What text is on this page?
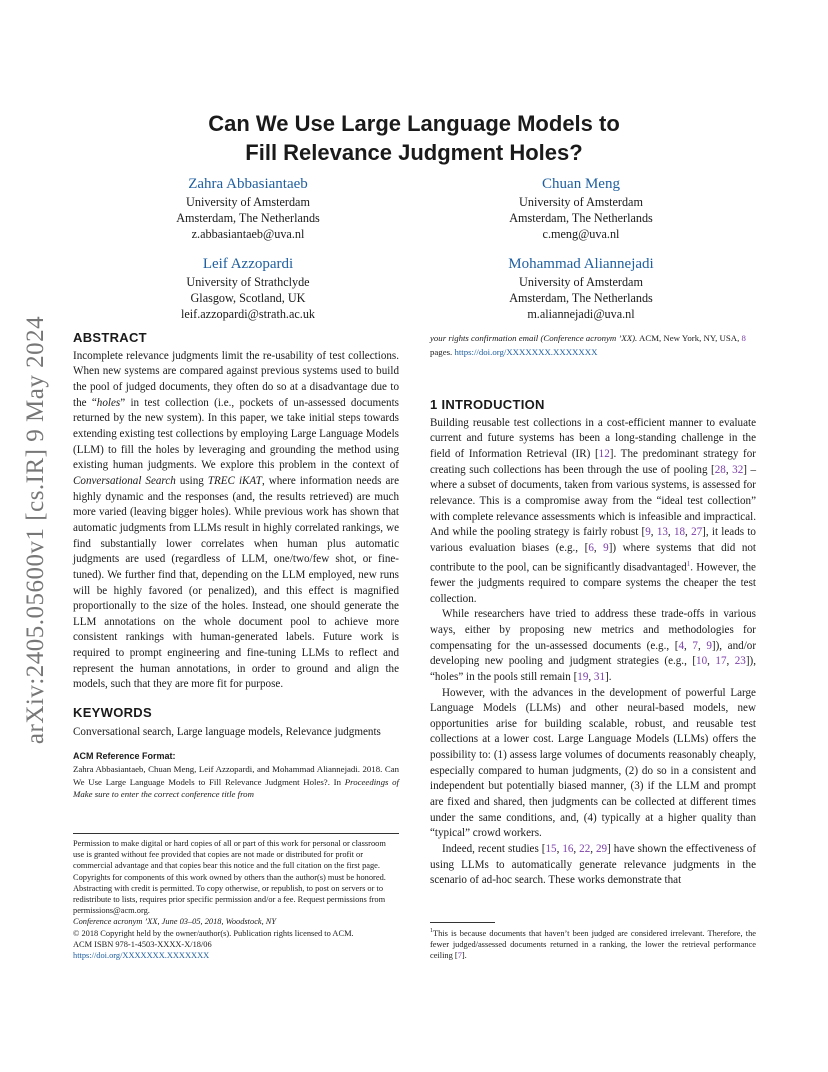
arXiv:2405.05600v1 [cs.IR] 9 May 2024
Can We Use Large Language Models to
Fill Relevance Judgment Holes?
Zahra Abbasiantaeb
University of Amsterdam
Amsterdam, The Netherlands
z.abbasiantaeb@uva.nl
Chuan Meng
University of Amsterdam
Amsterdam, The Netherlands
c.meng@uva.nl
Leif Azzopardi
University of Strathclyde
Glasgow, Scotland, UK
leif.azzopardi@strath.ac.uk
Mohammad Aliannejadi
University of Amsterdam
Amsterdam, The Netherlands
m.aliannejadi@uva.nl
ABSTRACT

Incomplete relevance judgments limit the re-usability of test collections. When new systems are compared against previous systems used to build the pool of judged documents, they often do so at a disadvantage due to the “holes” in test collection (i.e., pockets of un-assessed documents returned by the new system). In this paper, we take initial steps towards extending existing test collections by employing Large Language Models (LLM) to fill the holes by leveraging and grounding the method using existing human judgments. We explore this problem in the context of Conversational Search using TREC iKAT, where information needs are highly dynamic and the responses (and, the results retrieved) are much more varied (leaving bigger holes). While previous work has shown that automatic judgments from LLMs result in highly correlated rankings, we find substantially lower correlates when human plus automatic judgments are used (regardless of LLM, one/two/few shot, or fine-tuned). We further find that, depending on the LLM employed, new runs will be highly favored (or penalized), and this effect is magnified proportionally to the size of the holes. Instead, one should generate the LLM annotations on the whole document pool to achieve more consistent rankings with human-generated labels. Future work is required to prompt engineering and fine-tuning LLMs to reflect and represent the human annotations, in order to ground and align the models, such that they are more fit for purpose.

KEYWORDS

Conversational search, Large language models, Relevance judgments

ACM Reference Format:

Zahra Abbasiantaeb, Chuan Meng, Leif Azzopardi, and Mohammad Aliannejadi. 2018. Can We Use Large Language Models to Fill Relevance Judgment Holes?. In Proceedings of Make sure to enter the correct conference title from

Permission to make digital or hard copies of all or part of this work for personal or classroom use is granted without fee provided that copies are not made or distributed for profit or commercial advantage and that copies bear this notice and the full citation on the first page. Copyrights for components of this work owned by others than the author(s) must be honored. Abstracting with credit is permitted. To copy otherwise, or republish, to post on servers or to redistribute to lists, requires prior specific permission and/or a fee. Request permissions from permissions@acm.org.

Conference acronym ’XX, June 03–05, 2018, Woodstock, NY

© 2018 Copyright held by the owner/author(s). Publication rights licensed to ACM.

ACM ISBN 978-1-4503-XXXX-X/18/06

https://doi.org/XXXXXXX.XXXXXXX

your rights confirmation email (Conference acronym ’XX). ACM, New York, NY, USA, 8 pages. https://doi.org/XXXXXXX.XXXXXXX

1 INTRODUCTION

Building reusable test collections in a cost-efficient manner to evaluate current and future systems has been a long-standing challenge in the field of Information Retrieval (IR) [12]. The predominant strategy for creating such collections has been through the use of pooling [28, 32] – where a subset of documents, taken from various systems, is assessed for relevance. This is a compromise away from the “ideal test collection” with complete relevance assessments which is infeasible and impractical. And while the pooling strategy is fairly robust [9, 13, 18, 27], it leads to various evaluation biases (e.g., [6, 9]) where systems that did not contribute to the pool, can be significantly disadvantaged$^1$. However, the fewer the judgments required to compare systems the cheaper the test collection.

While researchers have tried to address these trade-offs in various ways, either by proposing new metrics and methodologies for compensating for the un-assessed documents (e.g., [4, 7, 9]), and/or developing new pooling and judgment strategies (e.g., [10, 17, 23]), “holes” in the pools still remain [19, 31].

However, with the advances in the development of powerful Large Language Models (LLMs) and other neural-based models, new opportunities arise for building scalable, robust, and reusable test collections at a lower cost. Large Language Models (LLMs) offers the possibility to: (1) assess large volumes of documents reasonably cheaply, especially compared to human judgments, (2) do so in a consistent and independent but potentially biased manner, (3) if the LLM and prompt are fixed and shared, then judgments can be collected at different times under the same conditions, and, (4) typically at a higher quality than “typical” crowd workers.

Indeed, recent studies [15, 16, 22, 29] have shown the effectiveness of using LLMs to automatically generate relevance judgments in the scenario of ad-hoc search. These works demonstrate that

$^1$This is because documents that haven’t been judged are considered irrelevant. Therefore, the fewer judged/assessed documents returned in a ranking, the lower the retrieval performance ceiling [7].
